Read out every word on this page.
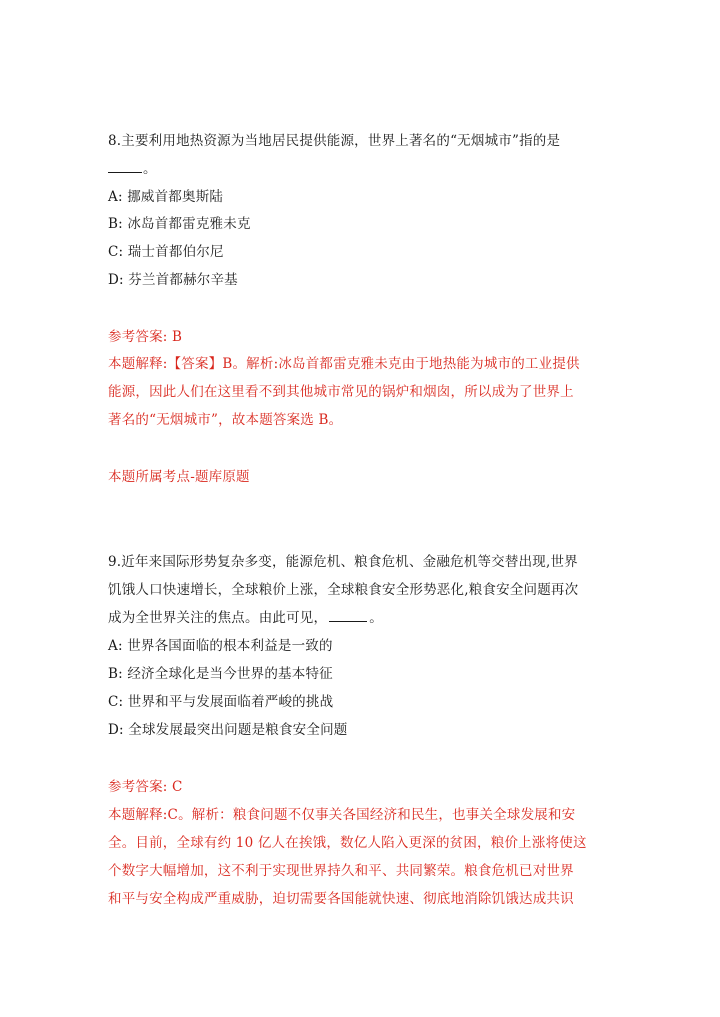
8.主要利用地热资源为当地居民提供能源，世界上著名的“无烟城市”指的是
。
A: 挪威首都奥斯陆
B: 冰岛首都雷克雅未克
C: 瑞士首都伯尔尼
D: 芬兰首都赫尔辛基
参考答案: B
本题解释:【答案】B。解析:冰岛首都雷克雅未克由于地热能为城市的工业提供
能源，因此人们在这里看不到其他城市常见的锅炉和烟囱，所以成为了世界上
著名的“无烟城市”，故本题答案选 B。
本题所属考点-题库原题
9.近年来国际形势复杂多变，能源危机、粮食危机、金融危机等交替出现,世界
饥饿人口快速增长，全球粮价上涨，全球粮食安全形势恶化,粮食安全问题再次
成为全世界关注的焦点。由此可见，	。
A: 世界各国面临的根本利益是一致的
B: 经济全球化是当今世界的基本特征
C: 世界和平与发展面临着严峻的挑战
D: 全球发展最突出问题是粮食安全问题
参考答案: C
本题解释:C。解析：粮食问题不仅事关各国经济和民生，也事关全球发展和安
全。目前，全球有约 10 亿人在挨饿，数亿人陷入更深的贫困，粮价上涨将使这
个数字大幅增加，这不利于实现世界持久和平、共同繁荣。粮食危机已对世界
和平与安全构成严重威胁，迫切需要各国能就快速、彻底地消除饥饿达成共识
